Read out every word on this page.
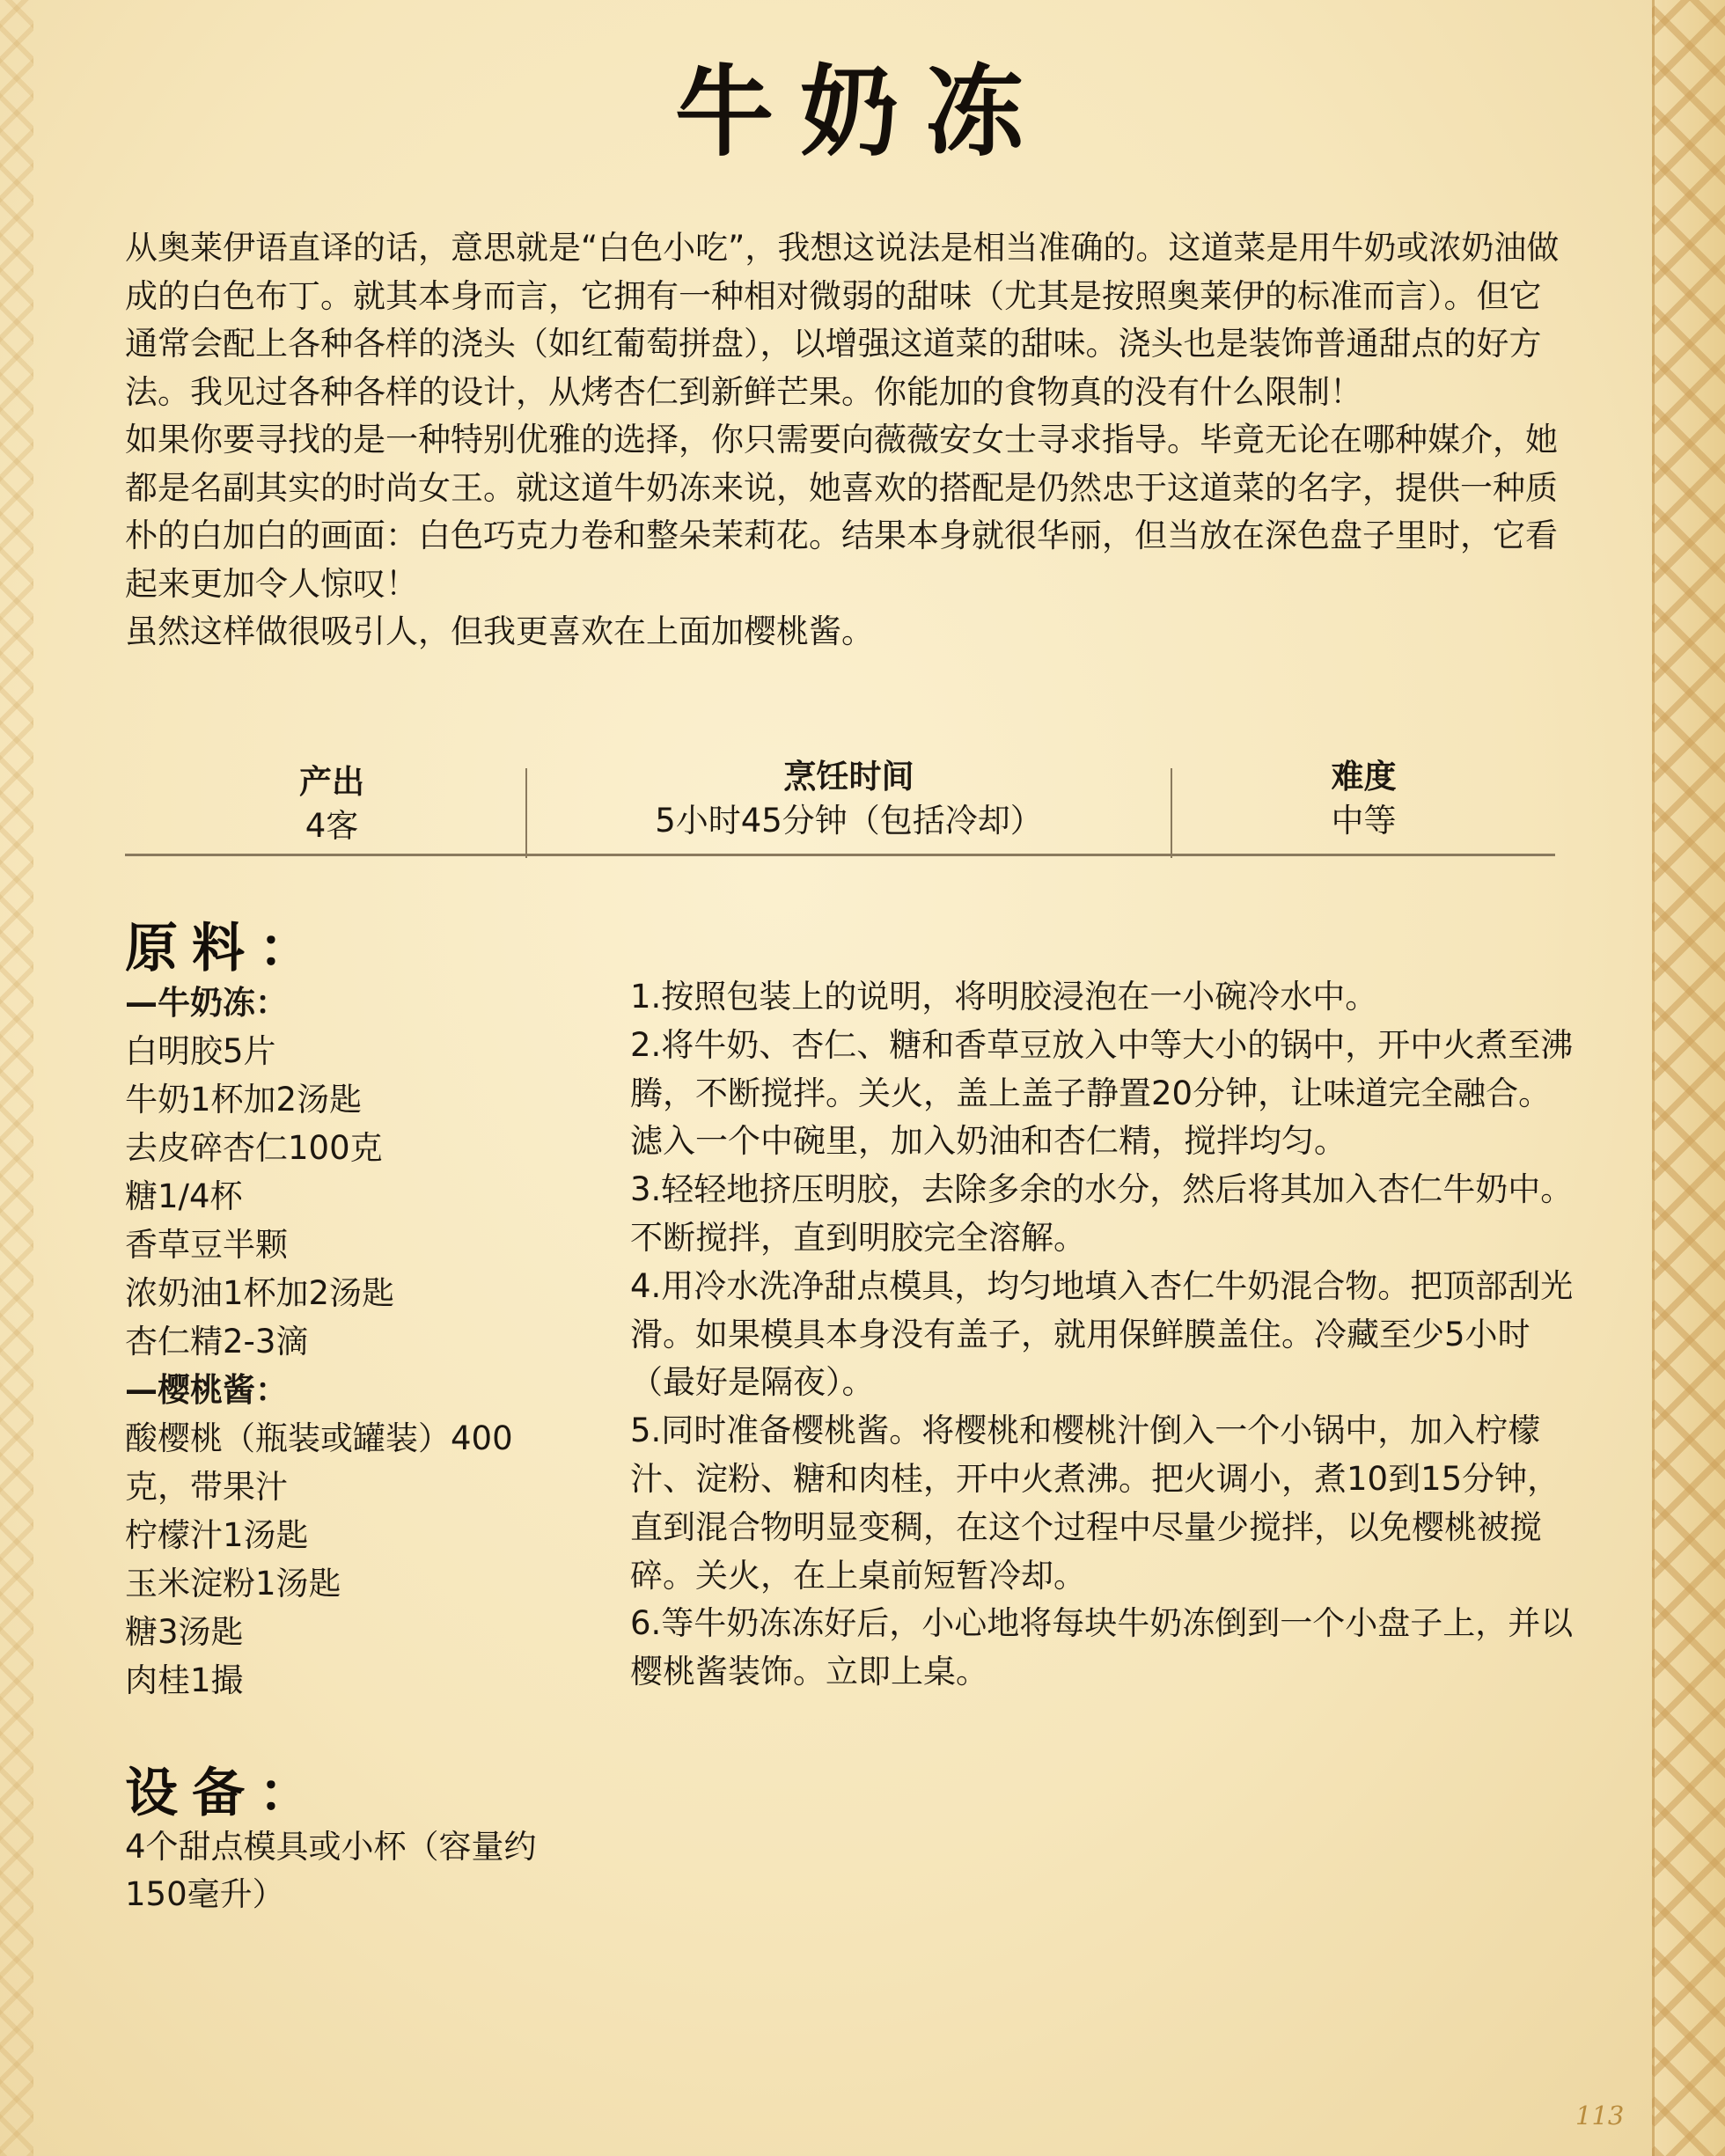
牛奶冻

从奥莱伊语直译的话，意思就是“白色小吃”，我想这说法是相当准确的。这道菜是用牛奶或浓奶油做成的白色布丁。就其本身而言，它拥有一种相对微弱的甜味（尤其是按照奥莱伊的标准而言）。但它通常会配上各种各样的浇头（如红葡萄拼盘），以增强这道菜的甜味。浇头也是装饰普通甜点的好方法。我见过各种各样的设计，从烤杏仁到新鲜芒果。你能加的食物真的没有什么限制！

如果你要寻找的是一种特别优雅的选择，你只需要向薇薇安女士寻求指导。毕竟无论在哪种媒介，她都是名副其实的时尚女王。就这道牛奶冻来说，她喜欢的搭配是仍然忠于这道菜的名字，提供一种质朴的白加白的画面：白色巧克力卷和整朵茉莉花。结果本身就很华丽，但当放在深色盘子里时，它看起来更加令人惊叹！

虽然这样做很吸引人，但我更喜欢在上面加樱桃酱。

产出
4客
烹饪时间
5小时45分钟（包括冷却）
难度
中等
原料：
—牛奶冻：
白明胶5片
牛奶1杯加2汤匙
去皮碎杏仁100克
糖1/4杯
香草豆半颗
浓奶油1杯加2汤匙
杏仁精2-3滴
—樱桃酱：
酸樱桃（瓶装或罐装）400
克，带果汁
柠檬汁1汤匙
玉米淀粉1汤匙
糖3汤匙
肉桂1撮
设备：
4个甜点模具或小杯（容量约150毫升）

1.按照包装上的说明，将明胶浸泡在一小碗冷水中。

2.将牛奶、杏仁、糖和香草豆放入中等大小的锅中，开中火煮至沸腾，不断搅拌。关火，盖上盖子静置20分钟，让味道完全融合。滤入一个中碗里，加入奶油和杏仁精，搅拌均匀。

3.轻轻地挤压明胶，去除多余的水分，然后将其加入杏仁牛奶中。不断搅拌，直到明胶完全溶解。

4.用冷水洗净甜点模具，均匀地填入杏仁牛奶混合物。把顶部刮光滑。如果模具本身没有盖子，就用保鲜膜盖住。冷藏至少5小时（最好是隔夜）。

5.同时准备樱桃酱。将樱桃和樱桃汁倒入一个小锅中，加入柠檬汁、淀粉、糖和肉桂，开中火煮沸。把火调小，煮10到15分钟，直到混合物明显变稠，在这个过程中尽量少搅拌，以免樱桃被搅碎。关火，在上桌前短暂冷却。

6.等牛奶冻冻好后，小心地将每块牛奶冻倒到一个小盘子上，并以樱桃酱装饰。立即上桌。

113
